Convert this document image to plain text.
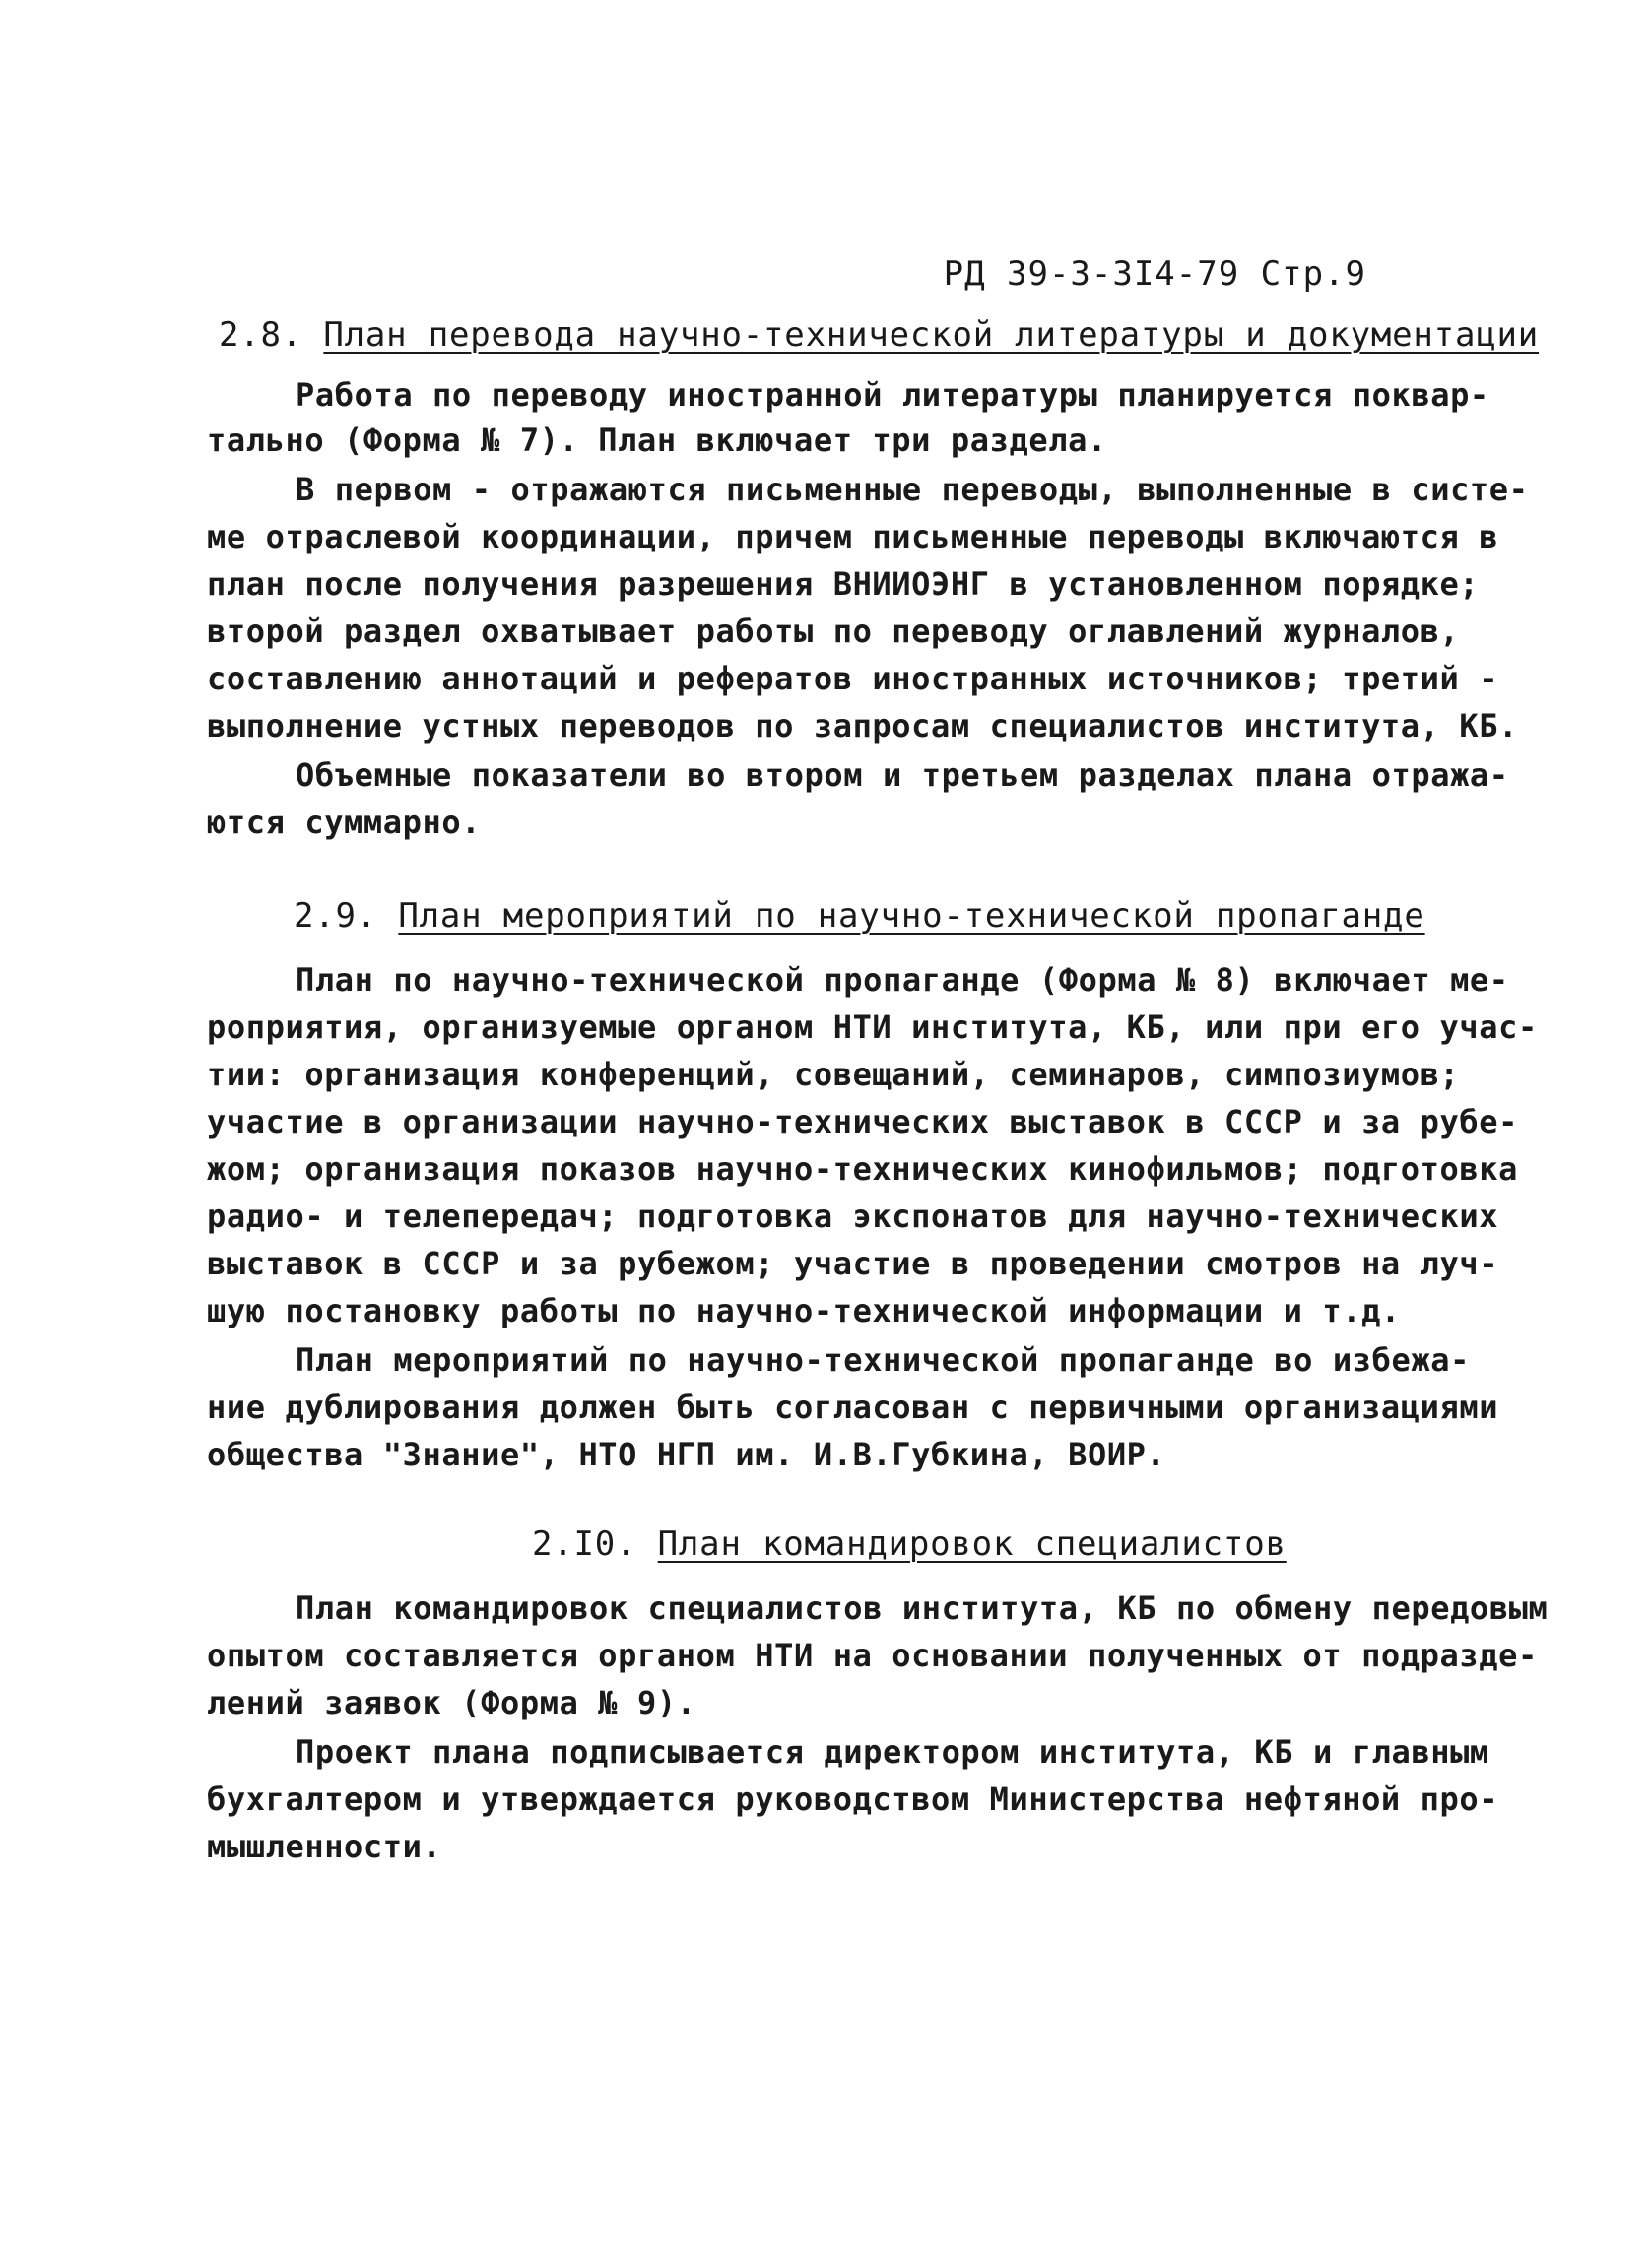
РД 39-3-3I4-79 Стр.9
2.8. План перевода научно-технической литературы и документации
Работа по переводу иностранной литературы планируется поквар-
тально (Форма № 7). План включает три раздела.
В первом - отражаются письменные переводы, выполненные в систе-
ме отраслевой координации, причем письменные переводы включаются в
план после получения разрешения ВНИИОЭНГ в установленном порядке;
второй раздел охватывает работы по переводу оглавлений журналов,
составлению аннотаций и рефератов иностранных источников; третий -
выполнение устных переводов по запросам специалистов института, КБ.
Объемные показатели во втором и третьем разделах плана отража-
ются суммарно.
2.9. План мероприятий по научно-технической пропаганде
План по научно-технической пропаганде (Форма № 8) включает ме-
роприятия, организуемые органом НТИ института, КБ, или при его учас-
тии: организация конференций, совещаний, семинаров, симпозиумов;
участие в организации научно-технических выставок в СССР и за рубе-
жом; организация показов научно-технических кинофильмов; подготовка
радио- и телепередач; подготовка экспонатов для научно-технических
выставок в СССР и за рубежом; участие в проведении смотров на луч-
шую постановку работы по научно-технической информации и т.д.
План мероприятий по научно-технической пропаганде во избежа-
ние дублирования должен быть согласован с первичными организациями
общества "Знание", НТО НГП им. И.В.Губкина, ВОИР.
2.I0. План командировок специалистов
План командировок специалистов института, КБ по обмену передовым
опытом составляется органом НТИ на основании полученных от подразде-
лений заявок (Форма № 9).
Проект плана подписывается директором института, КБ и главным
бухгалтером и утверждается руководством Министерства нефтяной про-
мышленности.
